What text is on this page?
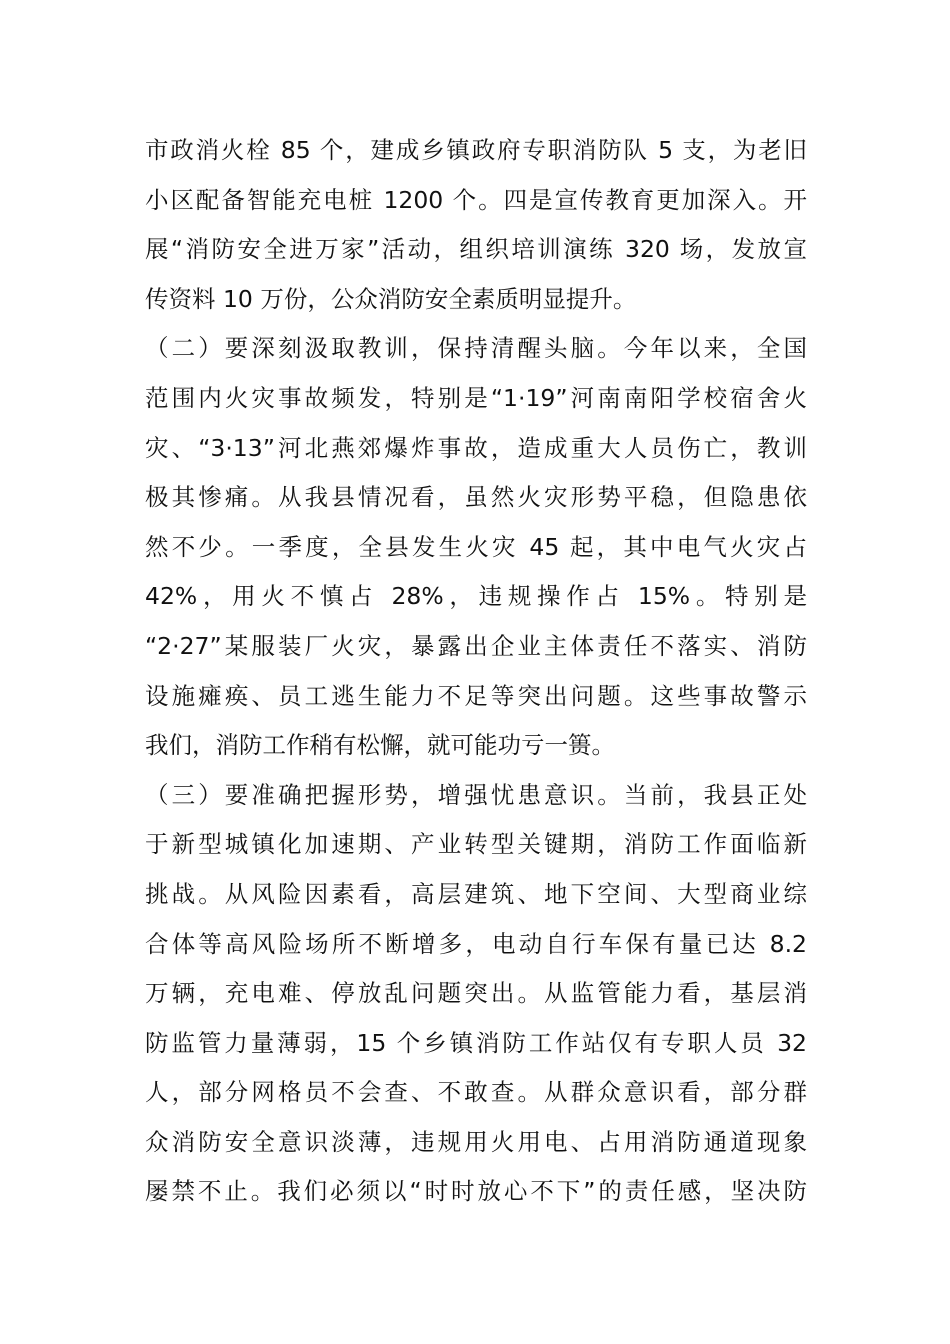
市政消火栓 85 个，建成乡镇政府专职消防队 5 支，为老旧
小区配备智能充电桩 1200 个。四是宣传教育更加深入。开
展“消防安全进万家”活动，组织培训演练 320 场，发放宣
传资料 10 万份，公众消防安全素质明显提升。
（二）要深刻汲取教训，保持清醒头脑。今年以来，全国
范围内火灾事故频发，特别是“1·19”河南南阳学校宿舍火
灾、“3·13”河北燕郊爆炸事故，造成重大人员伤亡，教训
极其惨痛。从我县情况看，虽然火灾形势平稳，但隐患依
然不少。一季度，全县发生火灾 45 起，其中电气火灾占
42%，用火不慎占 28%，违规操作占 15%。特别是
“2·27”某服装厂火灾，暴露出企业主体责任不落实、消防
设施瘫痪、员工逃生能力不足等突出问题。这些事故警示
我们，消防工作稍有松懈，就可能功亏一篑。
（三）要准确把握形势，增强忧患意识。当前，我县正处
于新型城镇化加速期、产业转型关键期，消防工作面临新
挑战。从风险因素看，高层建筑、地下空间、大型商业综
合体等高风险场所不断增多，电动自行车保有量已达 8.2
万辆，充电难、停放乱问题突出。从监管能力看，基层消
防监管力量薄弱，15 个乡镇消防工作站仅有专职人员 32
人，部分网格员不会查、不敢查。从群众意识看，部分群
众消防安全意识淡薄，违规用火用电、占用消防通道现象
屡禁不止。我们必须以“时时放心不下”的责任感，坚决防
